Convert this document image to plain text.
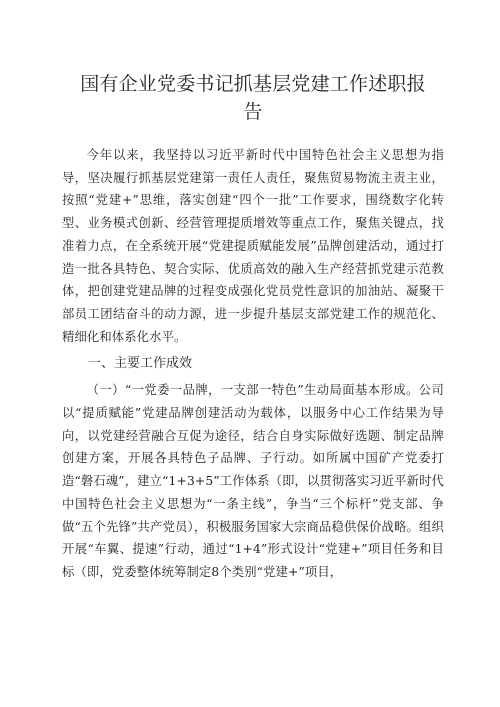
国有企业党委书记抓基层党建工作述职报告

今年以来，我坚持以习近平新时代中国特色社会主义思想为指导，坚决履行抓基层党建第一责任人责任，聚焦贸易物流主责主业，按照“党建+”思维，落实创建“四个一批”工作要求，围绕数字化转型、业务模式创新、经营管理提质增效等重点工作，聚焦关键点，找准着力点，在全系统开展“党建提质赋能发展”品牌创建活动，通过打造一批各具特色、契合实际、优质高效的融入生产经营抓党建示范教体，把创建党建品牌的过程变成强化党员党性意识的加油站、凝聚干部员工团结奋斗的动力源，进一步提升基层支部党建工作的规范化、精细化和体系化水平。

一、主要工作成效

（一）“一党委一品牌，一支部一特色”生动局面基本形成。公司以“提质赋能”党建品牌创建活动为载体，以服务中心工作结果为导向，以党建经营融合互促为途径，结合自身实际做好选题、制定品牌创建方案，开展各具特色子品牌、子行动。如所属中国矿产党委打造“磐石魂”，建立“1+3+5”工作体系（即，以贯彻落实习近平新时代中国特色社会主义思想为“一条主线”，争当“三个标杆”党支部、争做“五个先锋”共产党员），积极服务国家大宗商品稳供保价战略。组织开展“车翼、提速”行动，通过“1+4”形式设计“党建+”项目任务和目标（即，党委整体统筹制定8个类别“党建+”项目，
